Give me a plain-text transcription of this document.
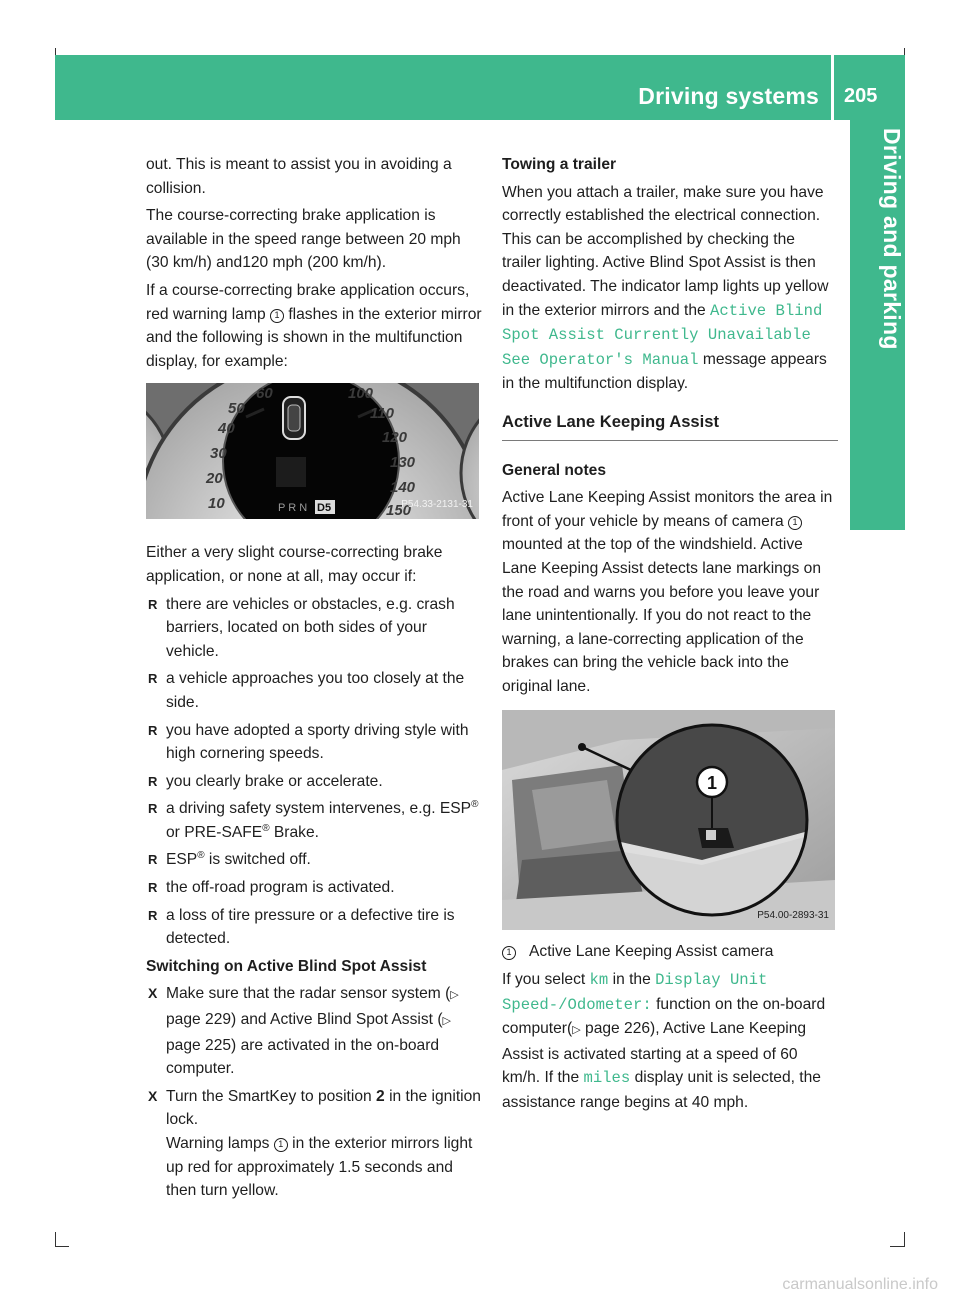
Driving systems 205
Driving and parking
out. This is meant to assist you in avoiding a collision.
The course-correcting brake application is available in the speed range between 20 mph (30 km/h) and120 mph (200 km/h).
If a course-correcting brake application occurs, red warning lamp 1 flashes in the exterior mirror and the following is shown in the multifunction display, for example:
60	100
110
120
130
140
150
50
40
30
20
10	P R N D5	P54.33-2131-31
Either a very slight course-correcting brake application, or none at all, may occur if:
R there are vehicles or obstacles, e.g. crash barriers, located on both sides of your vehicle.
R a vehicle approaches you too closely at the side.
R you have adopted a sporty driving style with high cornering speeds.
R you clearly brake or accelerate.
R a driving safety system intervenes, e.g. ESP® or PRE-SAFE® Brake.
R ESP® is switched off.
R the off-road program is activated.
R a loss of tire pressure or a defective tire is detected.
Switching on Active Blind Spot Assist
X Make sure that the radar sensor system (▷ page 229) and Active Blind Spot Assist (▷ page 225) are activated in the on-board computer.
X Turn the SmartKey to position 2 in the ignition lock.
Warning lamps 1 in the exterior mirrors light up red for approximately 1.5 seconds and then turn yellow.
Towing a trailer
When you attach a trailer, make sure you have correctly established the electrical connection. This can be accomplished by checking the trailer lighting. Active Blind Spot Assist is then deactivated. The indicator lamp lights up yellow in the exterior mirrors and the Active Blind Spot Assist Currently Unavailable See Operator's Manual message appears in the multifunction display.
Active Lane Keeping Assist
General notes
Active Lane Keeping Assist monitors the area in front of your vehicle by means of camera 1 mounted at the top of the windshield. Active Lane Keeping Assist detects lane markings on the road and warns you before you leave your lane unintentionally. If you do not react to the warning, a lane-correcting application of the brakes can bring the vehicle back into the original lane.
1
P54.00-2893-31
1 Active Lane Keeping Assist camera
If you select km in the Display Unit Speed-/Odometer: function on the on-board computer(▷ page 226), Active Lane Keeping Assist is activated starting at a speed of 60 km/h. If the miles display unit is selected, the assistance range begins at 40 mph.
carmanualsonline.info
